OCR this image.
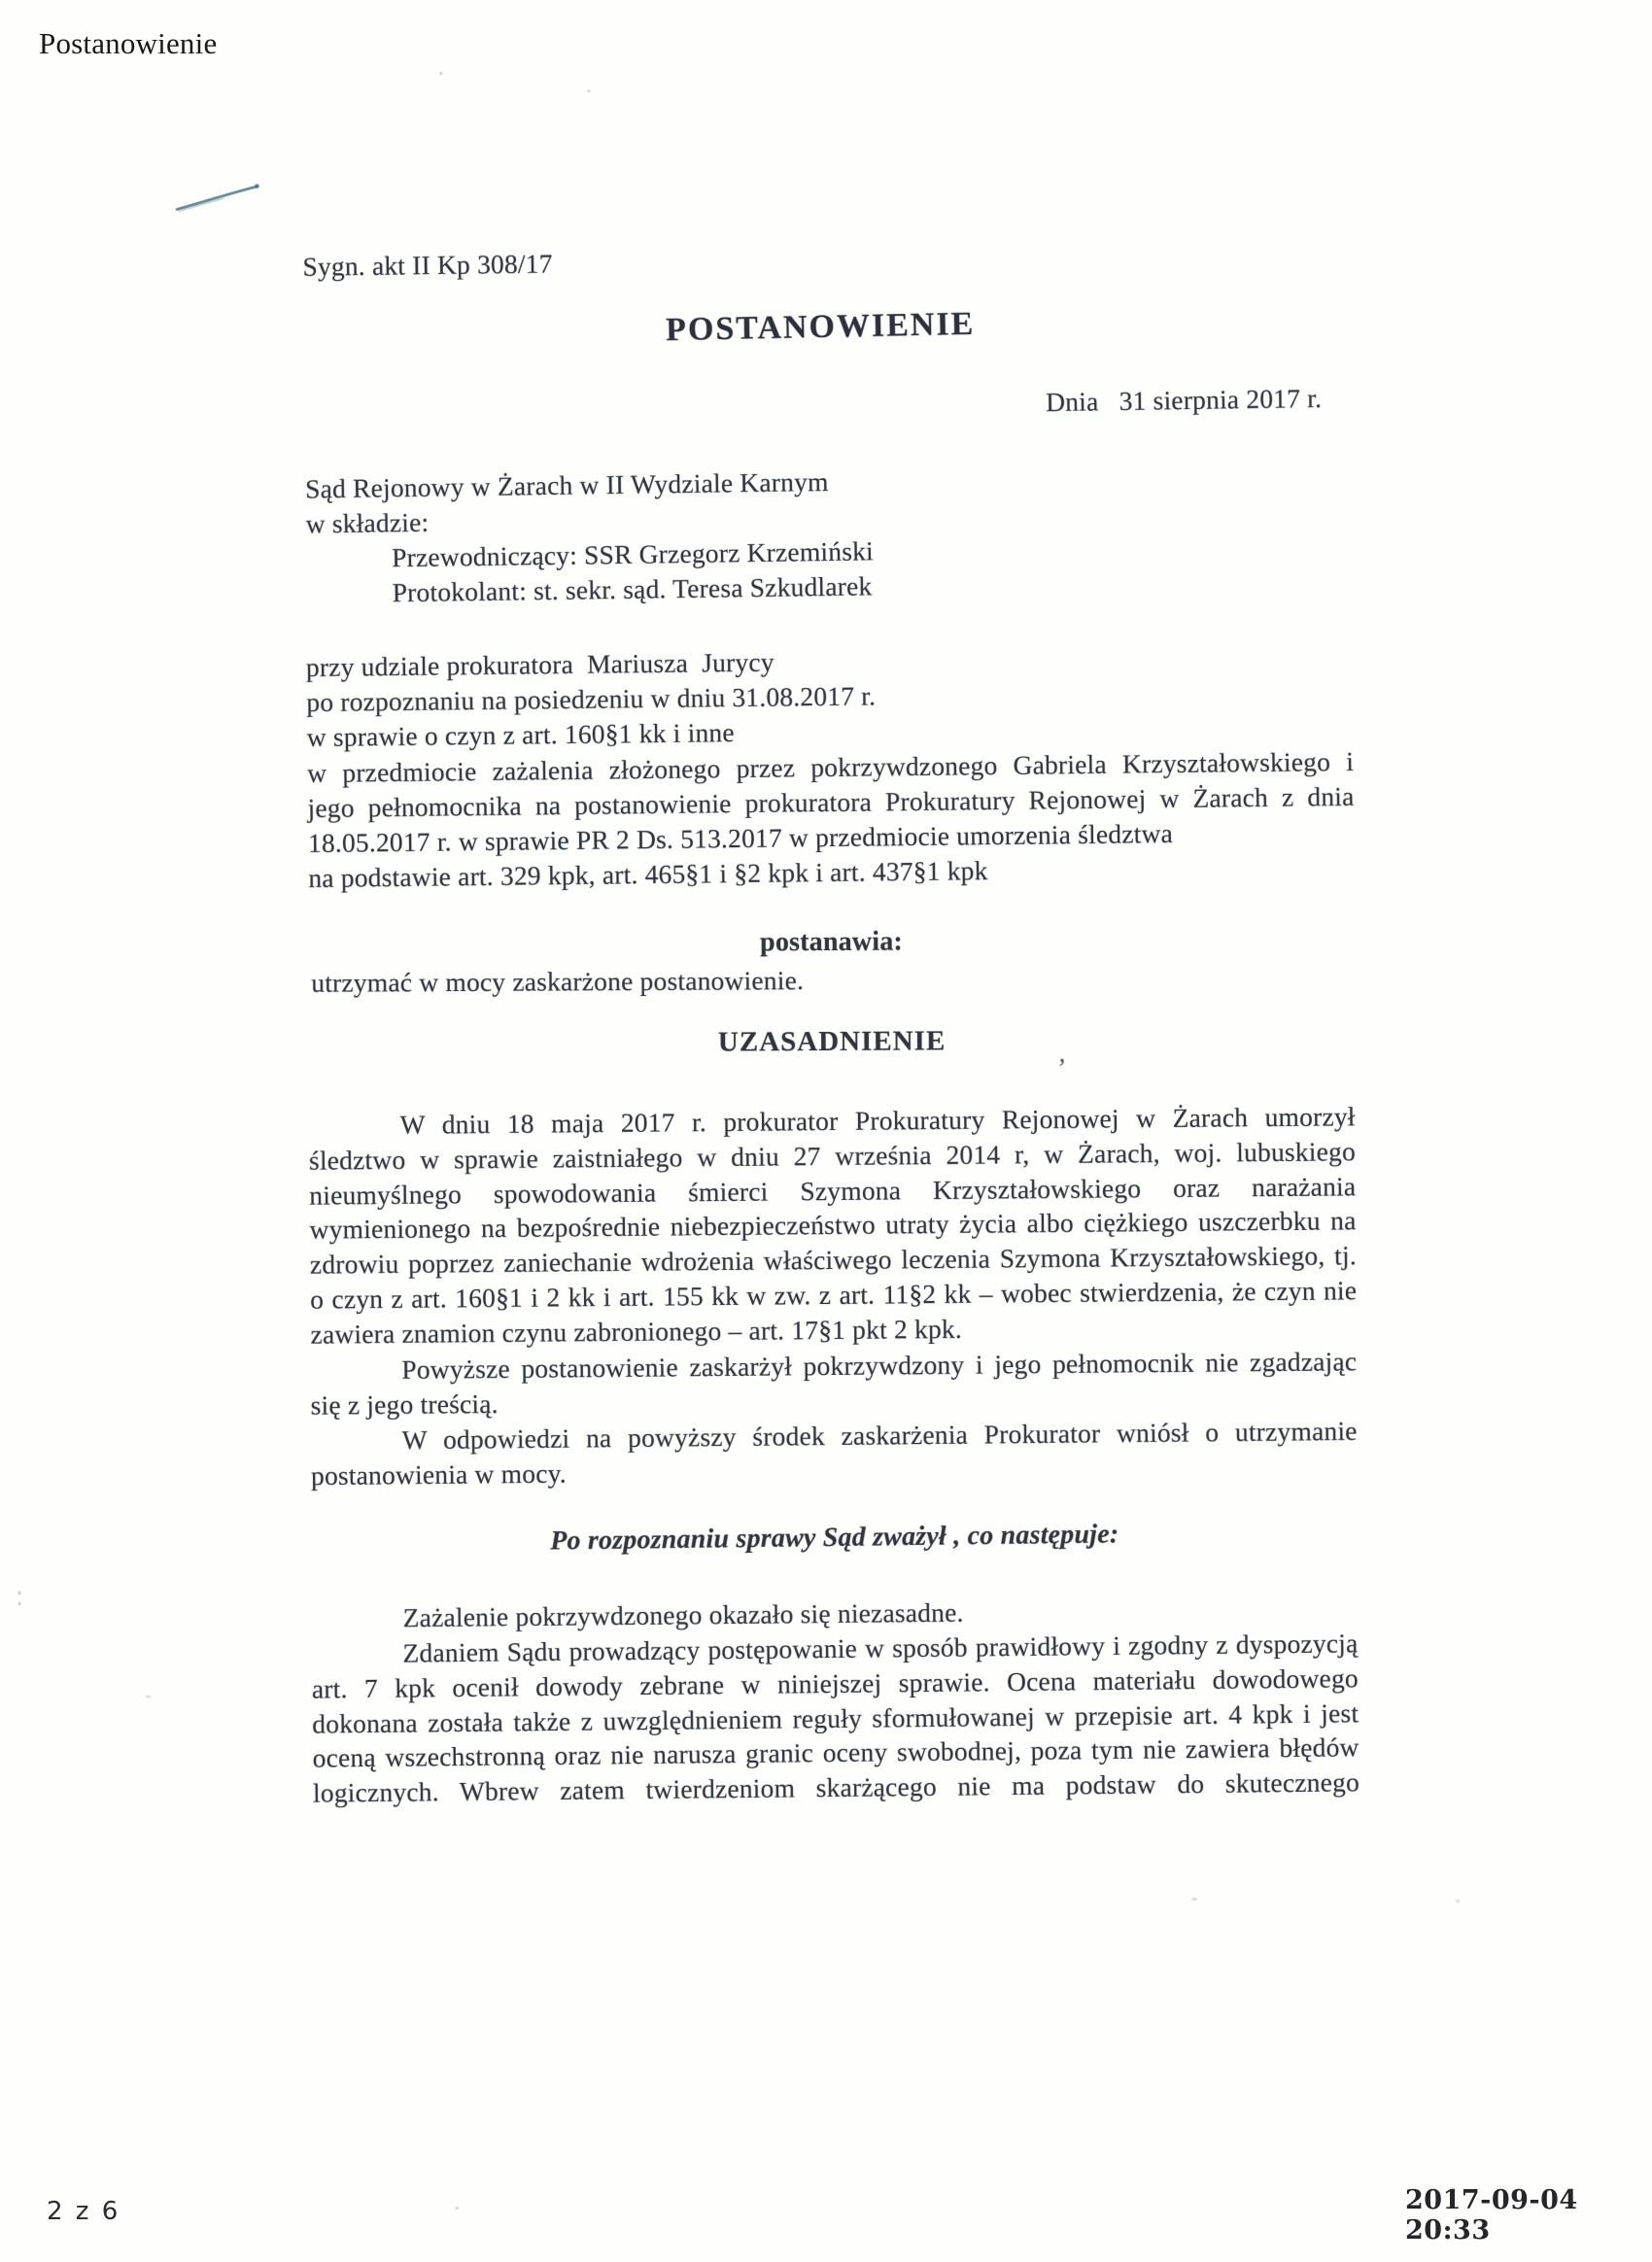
Postanowienie
Sygn. akt II Kp 308/17
POSTANOWIENIE
Dnia   31 sierpnia 2017 r.
Sąd Rejonowy w Żarach w II Wydziale Karnym
w składzie:
Przewodniczący: SSR Grzegorz Krzemiński
Protokolant: st. sekr. sąd. Teresa Szkudlarek
przy udziale prokuratora  Mariusza  Jurycy
po rozpoznaniu na posiedzeniu w dniu 31.08.2017 r.
w sprawie o czyn z art. 160§1 kk i inne
w przedmiocie zażalenia złożonego przez pokrzywdzonego Gabriela Krzyształowskiego i
jego pełnomocnika na postanowienie prokuratora Prokuratury Rejonowej w Żarach z dnia
18.05.2017 r. w sprawie PR 2 Ds. 513.2017 w przedmiocie umorzenia śledztwa
na podstawie art. 329 kpk, art. 465§1 i §2 kpk i art. 437§1 kpk
postanawia:
utrzymać w mocy zaskarżone postanowienie.
UZASADNIENIE	,
W dniu 18 maja 2017 r. prokurator Prokuratury Rejonowej w Żarach umorzył
śledztwo w sprawie zaistniałego w dniu 27 września 2014 r, w Żarach, woj. lubuskiego
nieumyślnego spowodowania śmierci Szymona Krzyształowskiego oraz narażania
wymienionego na bezpośrednie niebezpieczeństwo utraty życia albo ciężkiego uszczerbku na
zdrowiu poprzez zaniechanie wdrożenia właściwego leczenia Szymona Krzyształowskiego, tj.
o czyn z art. 160§1 i 2 kk i art. 155 kk w zw. z art. 11§2 kk – wobec stwierdzenia, że czyn nie
zawiera znamion czynu zabronionego – art. 17§1 pkt 2 kpk.
Powyższe postanowienie zaskarżył pokrzywdzony i jego pełnomocnik nie zgadzając
się z jego treścią.
W odpowiedzi na powyższy środek zaskarżenia Prokurator wniósł o utrzymanie
postanowienia w mocy.
Po rozpoznaniu sprawy Sąd zważył , co następuje:
Zażalenie pokrzywdzonego okazało się niezasadne.
Zdaniem Sądu prowadzący postępowanie w sposób prawidłowy i zgodny z dyspozycją
art. 7 kpk ocenił dowody zebrane w niniejszej sprawie. Ocena materiału dowodowego
dokonana została także z uwzględnieniem reguły sformułowanej w przepisie art. 4 kpk i jest
oceną wszechstronną oraz nie narusza granic oceny swobodnej, poza tym nie zawiera błędów
logicznych. Wbrew zatem twierdzeniom skarżącego nie ma podstaw do skutecznego
2 z 6	2017-09-04 20:33
